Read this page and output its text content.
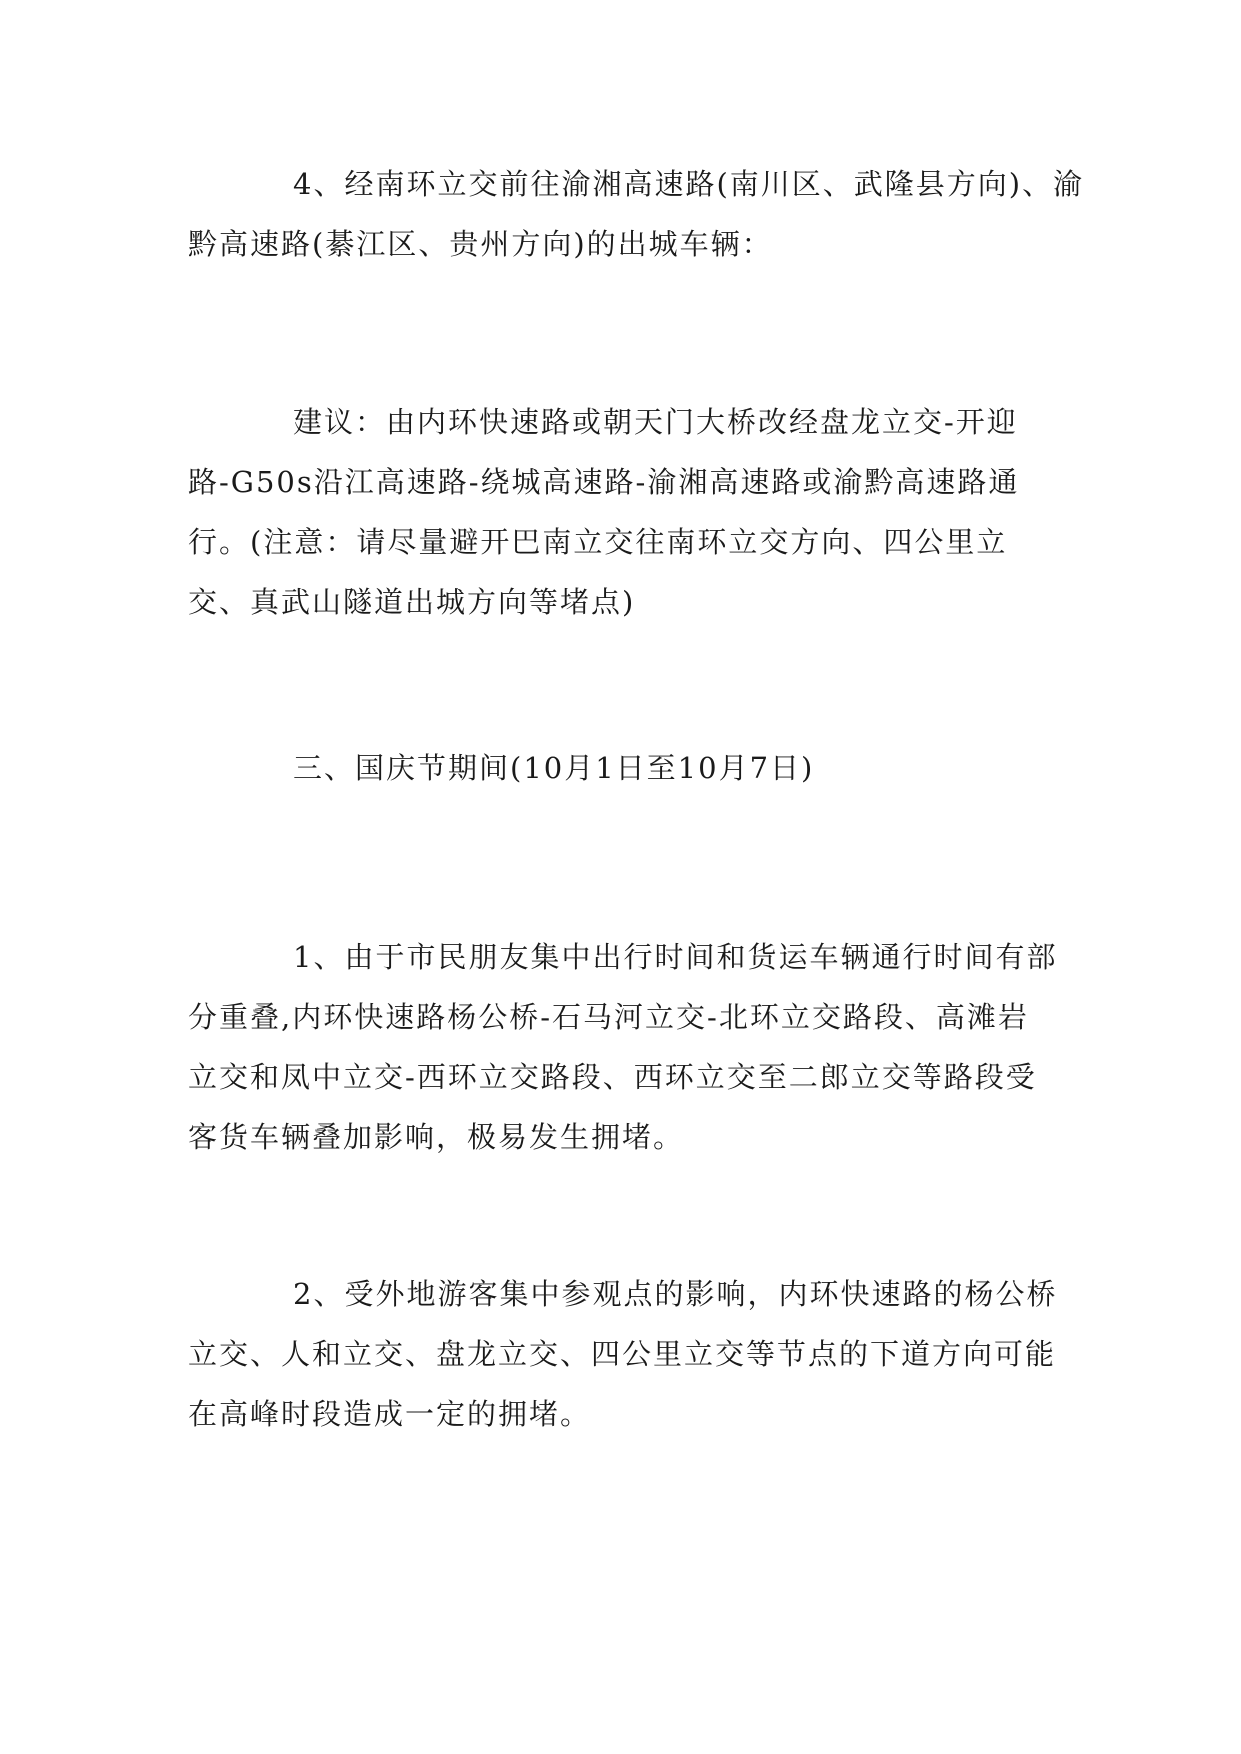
4、经南环立交前往渝湘高速路(南川区、武隆县方向)、渝黔高速路(綦江区、贵州方向)的出城车辆：

建议：由内环快速路或朝天门大桥改经盘龙立交-开迎路-G50s沿江高速路-绕城高速路-渝湘高速路或渝黔高速路通行。(注意：请尽量避开巴南立交往南环立交方向、四公里立交、真武山隧道出城方向等堵点)

三、国庆节期间(10月1日至10月7日)

1、由于市民朋友集中出行时间和货运车辆通行时间有部分重叠,内环快速路杨公桥-石马河立交-北环立交路段、高滩岩立交和凤中立交-西环立交路段、西环立交至二郎立交等路段受客货车辆叠加影响，极易发生拥堵。

2、受外地游客集中参观点的影响，内环快速路的杨公桥立交、人和立交、盘龙立交、四公里立交等节点的下道方向可能在高峰时段造成一定的拥堵。
